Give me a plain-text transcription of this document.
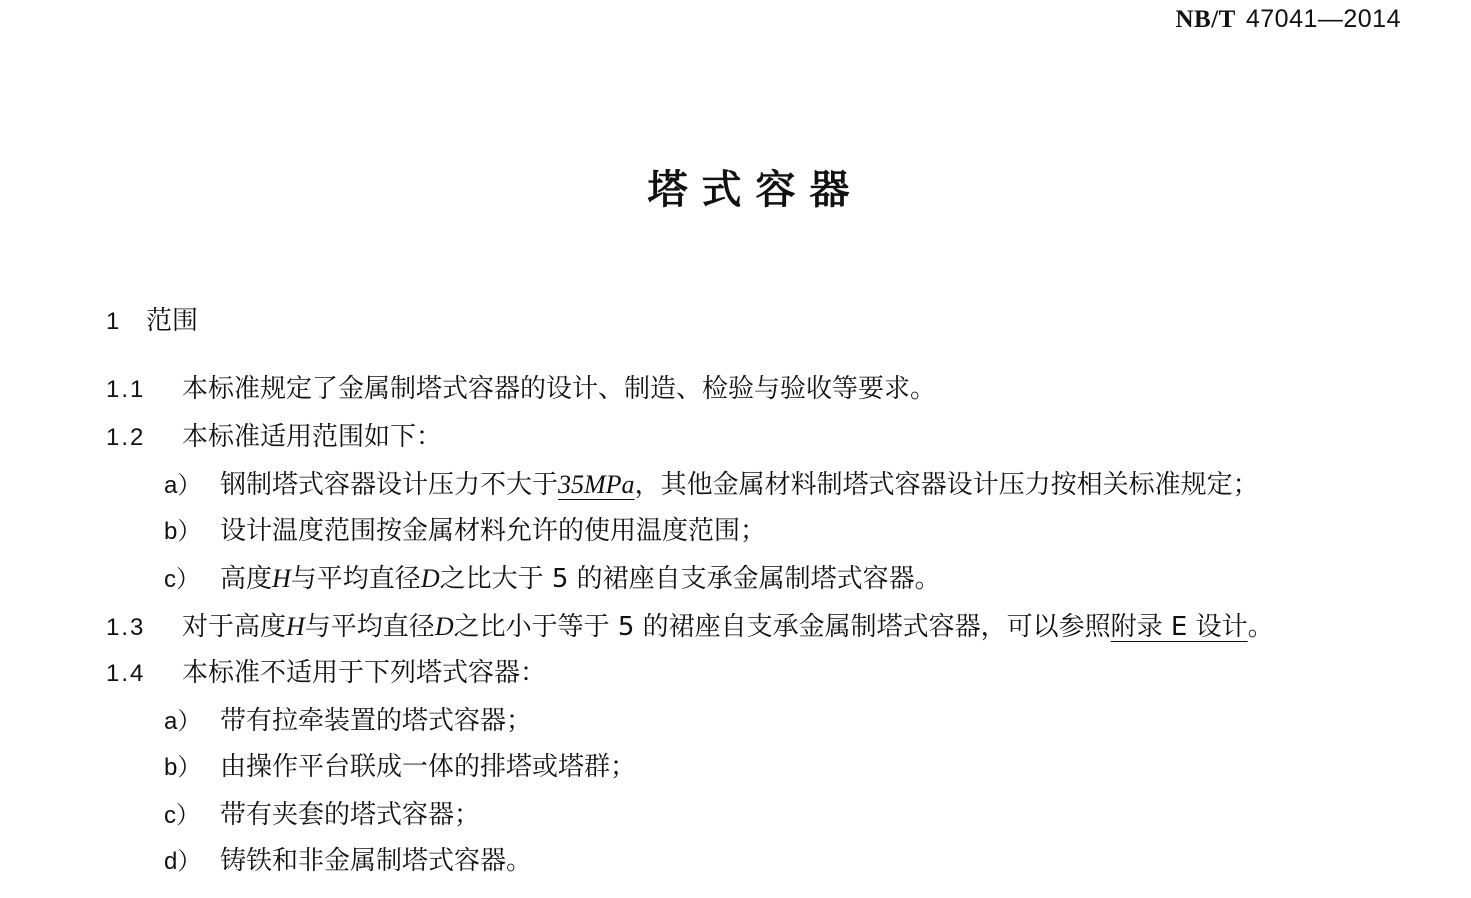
NB/T 47041—2014
塔式容器
1 范围
1.1 本标准规定了金属制塔式容器的设计、制造、检验与验收等要求。
1.2 本标准适用范围如下：
a） 钢制塔式容器设计压力不大于35MPa，其他金属材料制塔式容器设计压力按相关标准规定；
b） 设计温度范围按金属材料允许的使用温度范围；
c） 高度H与平均直径D之比大于 5 的裙座自支承金属制塔式容器。
1.3 对于高度H与平均直径D之比小于等于 5 的裙座自支承金属制塔式容器，可以参照附录 E 设计。
1.4 本标准不适用于下列塔式容器：
a） 带有拉牵装置的塔式容器；
b） 由操作平台联成一体的排塔或塔群；
c） 带有夹套的塔式容器；
d） 铸铁和非金属制塔式容器。
